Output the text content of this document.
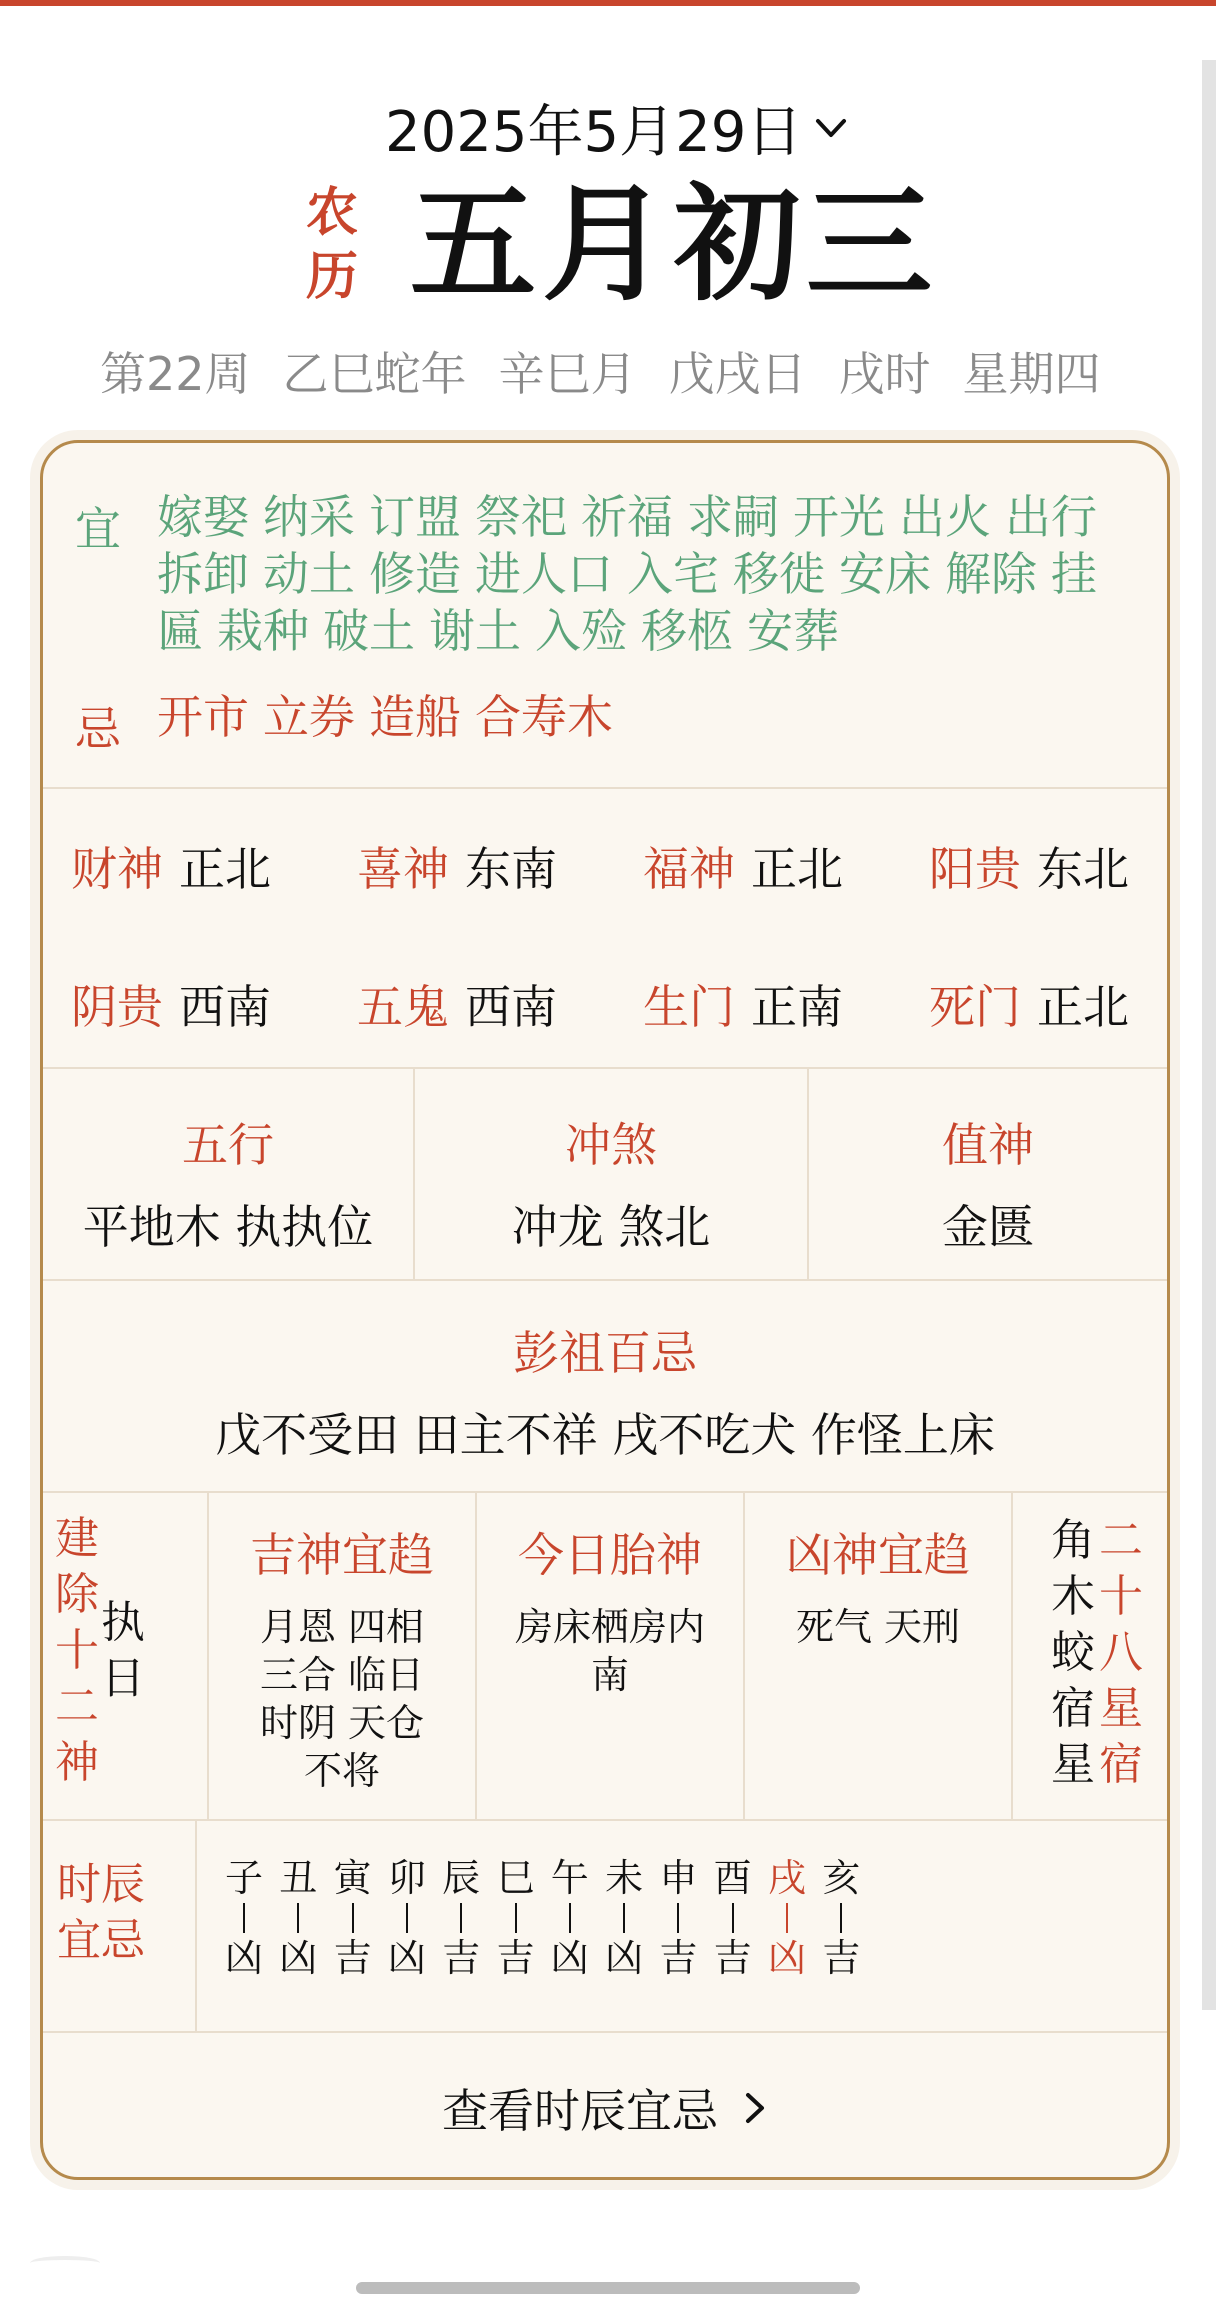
2025年5月29日
农
历 五月初三
第22周 乙巳蛇年 辛巳月 戊戌日 戌时 星期四
宜 嫁娶 纳采 订盟 祭祀 祈福 求嗣 开光 出火 出行拆卸 动土 修造 进人口 入宅 移徙 安床 解除 挂匾 栽种 破土 谢土 入殓 移柩 安葬
忌 开市 立券 造船 合寿木
财神 正北 喜神 东南 福神 正北 阳贵 东北
阴贵 西南 五鬼 西南 生门 正南 死门 正北
五行
平地木 执执位
冲煞
冲龙 煞北
值神
金匮
彭祖百忌
戊不受田 田主不祥 戌不吃犬 作怪上床
建
除
十
二
神
执
日
吉神宜趋
月恩 四相
三合 临日
时阴 天仓
不将
今日胎神
房床栖房内
南
凶神宜趋
死气 天刑
角
木
蛟
宿
星
二
十
八
星
宿
时辰
宜忌
子
凶
丑
凶
寅
吉
卯
凶
辰
吉
巳
吉
午
凶
未
凶
申
吉
酉
吉
戌
凶
亥
吉
查看时辰宜忌
